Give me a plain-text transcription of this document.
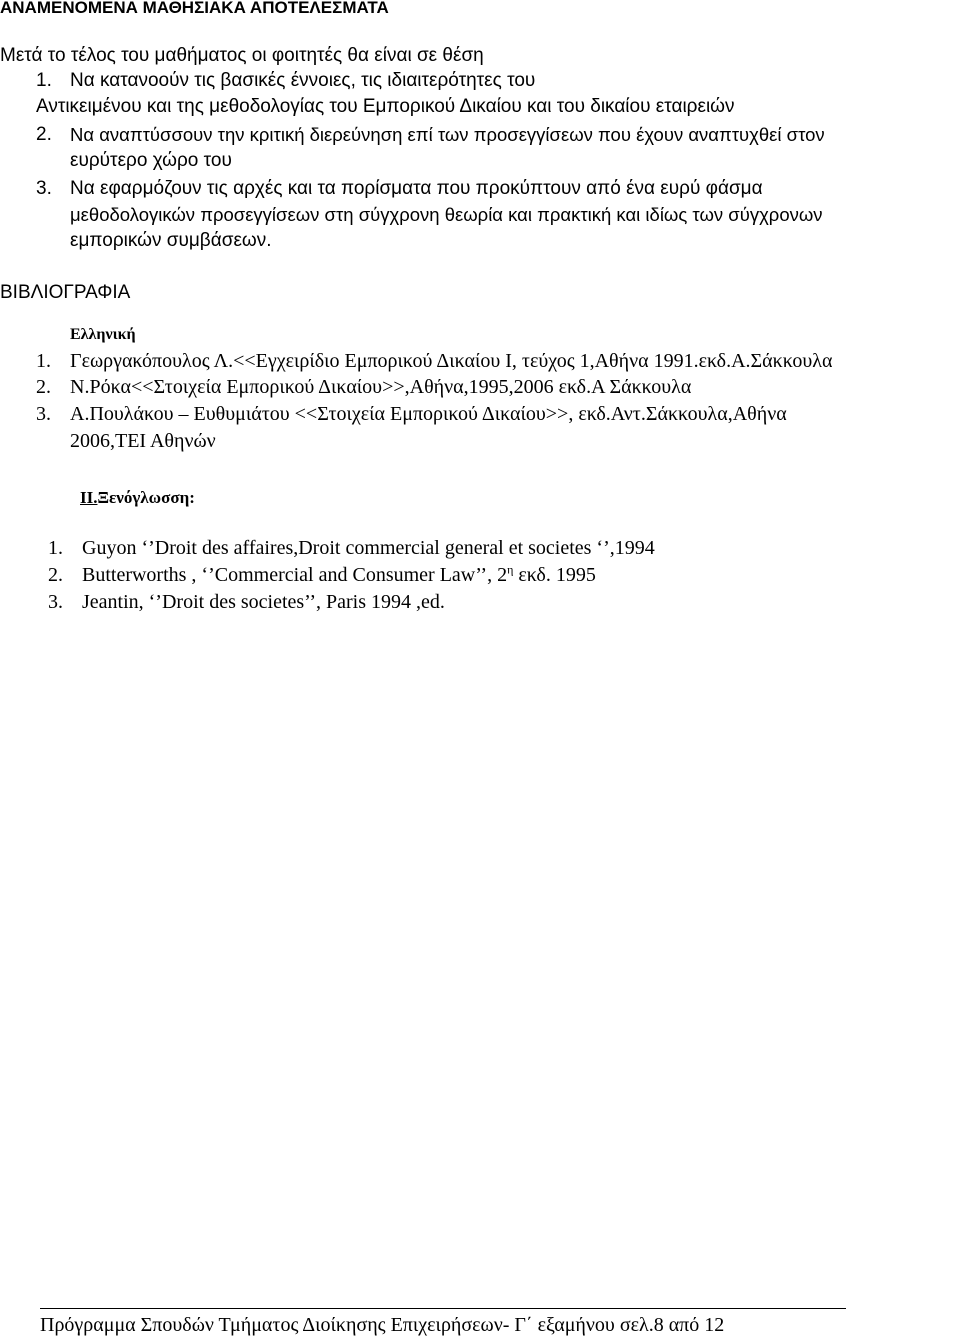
ΑΝΑΜΕΝΟΜΕΝΑ ΜΑΘΗΣΙΑΚΑ ΑΠΟΤΕΛΕΣΜΑΤΑ
Μετά το τέλος του μαθήματος οι φοιτητές θα είναι σε θέση
1. Να κατανοούν τις βασικές έννοιες, τις ιδιαιτερότητες του
Αντικειμένου και της μεθοδολογίας του Εμπορικού Δικαίου και του δικαίου εταιρειών
2. Να αναπτύσσουν την κριτική διερεύνηση επί των προσεγγίσεων που έχουν αναπτυχθεί στον
ευρύτερο χώρο του
3. Να εφαρμόζουν τις αρχές και τα πορίσματα που προκύπτουν από ένα ευρύ φάσμα
μεθοδολογικών προσεγγίσεων στη σύγχρονη θεωρία και πρακτική και ιδίως των σύγχρονων
εμπορικών συμβάσεων.
ΒΙΒΛΙΟΓΡΑΦΙΑ
Ελληνική
1. Γεωργακόπουλος Λ.<<Εγχειρίδιο Εμπορικού Δικαίου Ι, τεύχος 1,Αθήνα 1991.εκδ.Α.Σάκκουλα
2. Ν.Ρόκα<<Στοιχεία Εμπορικού Δικαίου>>,Αθήνα,1995,2006 εκδ.Α Σάκκουλα
3. Α.Πουλάκου – Ευθυμιάτου <<Στοιχεία Εμπορικού Δικαίου>>, εκδ.Αντ.Σάκκουλα,Αθήνα
2006,ΤΕΙ Αθηνών
ΙΙ.Ξενόγλωσση:
1. Guyon ‘’Droit des affaires,Droit commercial general et societes ‘’,1994
2. Butterworths , ‘’Commercial and Consumer Law’’, $2^\eta$ εκδ. 1995
3. Jeantin, ‘’Droit des societes’’, Paris 1994 ,ed.
Πρόγραμμα Σπουδών Τμήματος Διοίκησης Επιχειρήσεων- Γ΄ εξαμήνου σελ.8 από 12
